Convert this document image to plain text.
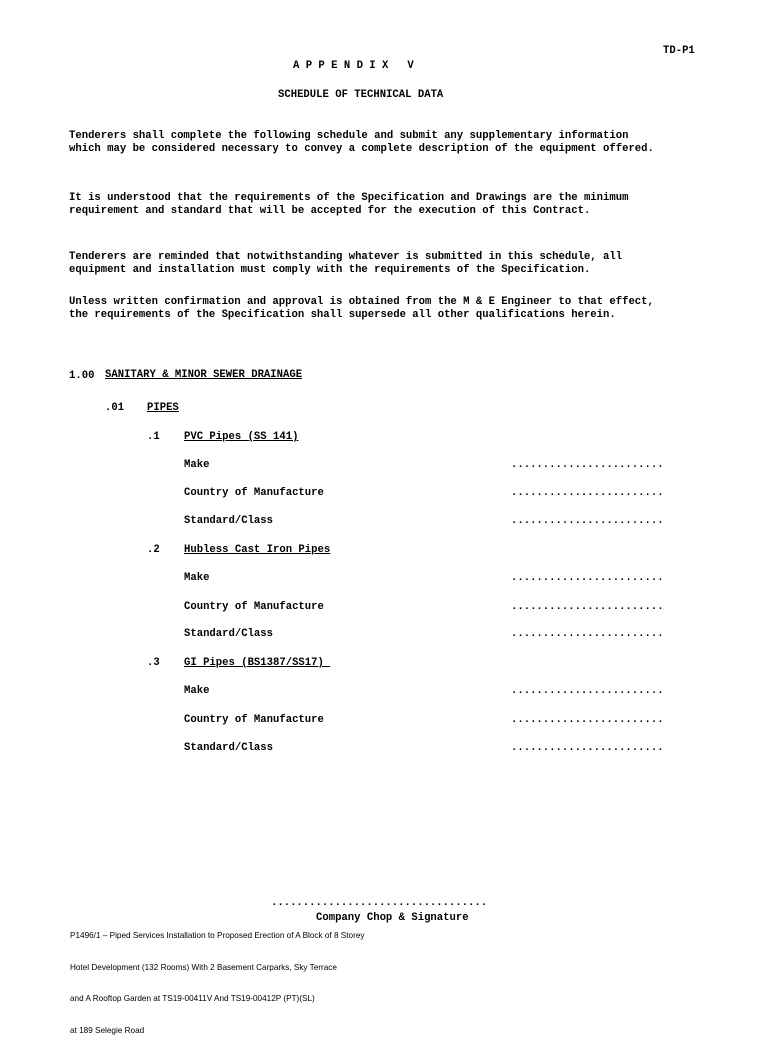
TD-P1
A P P E N D I X   V
SCHEDULE OF TECHNICAL DATA
Tenderers shall complete the following schedule and submit any supplementary information
which may be considered necessary to convey a complete description of the equipment offered.
It is understood that the requirements of the Specification and Drawings are the minimum
requirement and standard that will be accepted for the execution of this Contract.
Tenderers are reminded that notwithstanding whatever is submitted in this schedule, all
equipment and installation must comply with the requirements of the Specification.
Unless written confirmation and approval is obtained from the M & E Engineer to that effect,
the requirements of the Specification shall supersede all other qualifications herein.
1.00 SANITARY & MINOR SEWER DRAINAGE
.01 PIPES
.1 PVC Pipes (SS 141)
Make	........................
Country of Manufacture	........................
Standard/Class	........................
.2 Hubless Cast Iron Pipes
Make	........................
Country of Manufacture	........................
Standard/Class	........................
.3 GI Pipes (BS1387/SS17)
Make	........................
Country of Manufacture	........................
Standard/Class	........................
..................................
Company Chop & Signature

P1496/1 – Piped Services Installation to Proposed Erection of A Block of 8 Storey

Hotel Development (132 Rooms) With 2 Basement Carparks, Sky Terrace

and A Rooftop Garden at TS19-00411V And TS19-00412P (PT)(SL)

at 189 Selegie Road
